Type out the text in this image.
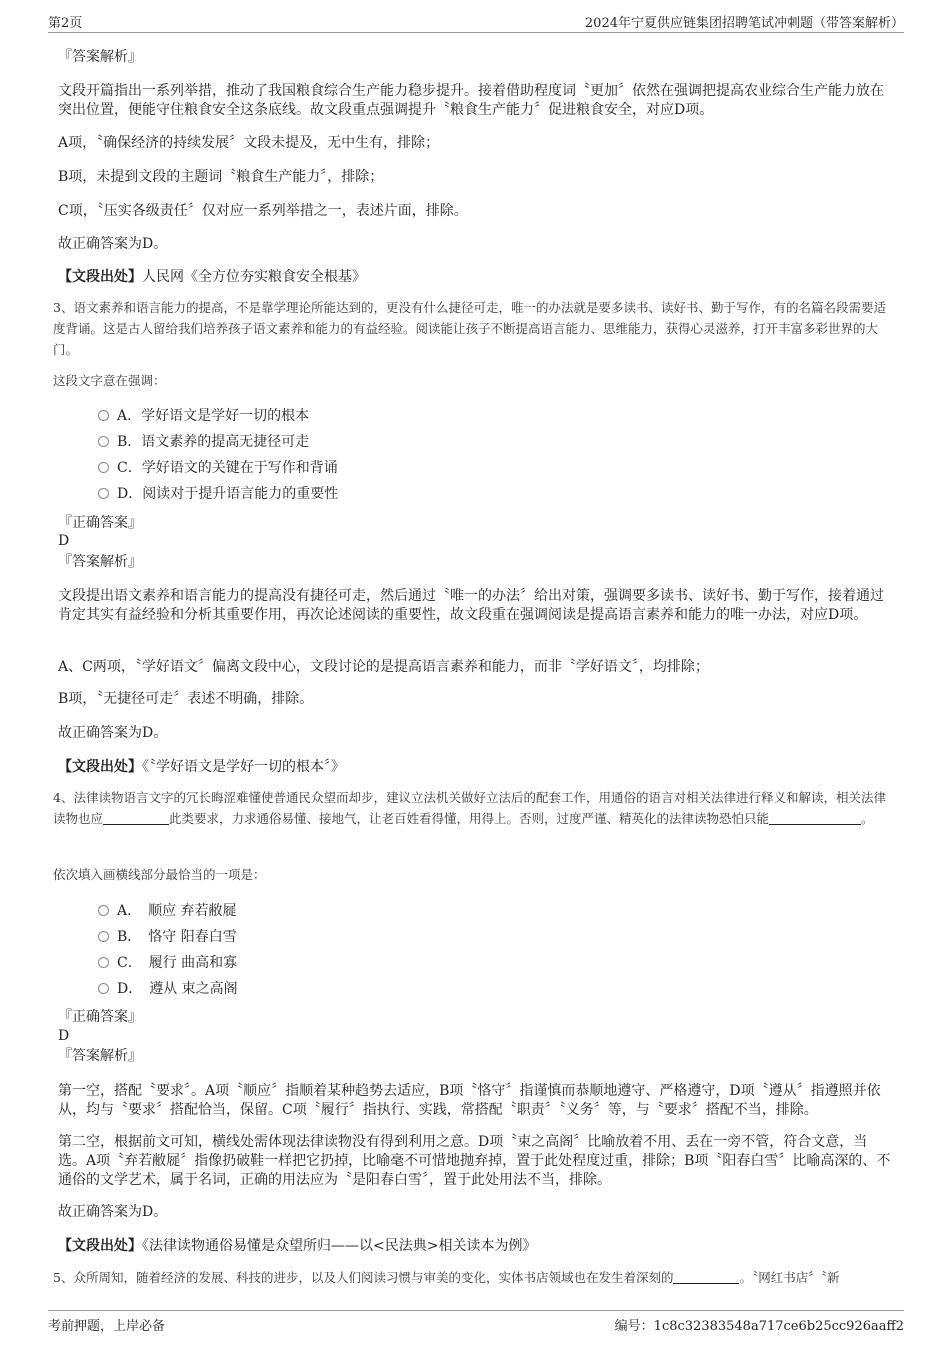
第2页	2024年宁夏供应链集团招聘笔试冲刺题（带答案解析）

『答案解析』

文段开篇指出一系列举措，推动了我国粮食综合生产能力稳步提升。接着借助程度词〝更加〞依然在强调把提高农业综合生产能力放在突出位置，便能守住粮食安全这条底线。故文段重点强调提升〝粮食生产能力〞促进粮食安全，对应D项。

A项，〝确保经济的持续发展〞文段未提及，无中生有，排除；

B项，未提到文段的主题词〝粮食生产能力〞，排除；

C项，〝压实各级责任〞仅对应一系列举措之一，表述片面，排除。

故正确答案为D。

【文段出处】人民网《全方位夯实粮食安全根基》

3、语文素养和语言能力的提高，不是靠学理论所能达到的，更没有什么捷径可走，唯一的办法就是要多读书、读好书、勤于写作，有的名篇名段需要适度背诵。这是古人留给我们培养孩子语文素养和能力的有益经验。阅读能让孩子不断提高语言能力、思维能力，获得心灵滋养，打开丰富多彩世界的大门。

这段文字意在强调：

A．学好语文是学好一切的根本
B．语文素养的提高无捷径可走
C．学好语文的关键在于写作和背诵
D．阅读对于提升语言能力的重要性

『正确答案』

D

『答案解析』

文段提出语文素养和语言能力的提高没有捷径可走，然后通过〝唯一的办法〞给出对策，强调要多读书、读好书、勤于写作，接着通过肯定其实有益经验和分析其重要作用，再次论述阅读的重要性，故文段重在强调阅读是提高语言素养和能力的唯一办法，对应D项。

A、C两项，〝学好语文〞偏离文段中心，文段讨论的是提高语言素养和能力，而非〝学好语文〞，均排除；

B项，〝无捷径可走〞表述不明确，排除。

故正确答案为D。

【文段出处】《〝学好语文是学好一切的根本〞》

4、法律读物语言文字的冗长晦涩难懂使普通民众望而却步，建议立法机关做好立法后的配套工作，用通俗的语言对相关法律进行释义和解读，相关法律读物也应	此类要求，力求通俗易懂、接地气，让老百姓看得懂，用得上。否则，过度严谨、精英化的法律读物恐怕只能	。

依次填入画横线部分最恰当的一项是：

A．　顺应 弃若敝屣
B．　恪守 阳春白雪
C．　履行 曲高和寡
D．　遵从 束之高阁

『正确答案』

D

『答案解析』

第一空，搭配〝要求〞。A项〝顺应〞指顺着某种趋势去适应，B项〝恪守〞指谨慎而恭顺地遵守、严格遵守，D项〝遵从〞指遵照并依从，均与〝要求〞搭配恰当，保留。C项〝履行〞指执行、实践，常搭配〝职责〞〝义务〞等，与〝要求〞搭配不当，排除。

第二空，根据前文可知，横线处需体现法律读物没有得到利用之意。D项〝束之高阁〞比喻放着不用、丢在一旁不管，符合文意，当选。A项〝弃若敝屣〞指像扔破鞋一样把它扔掉，比喻毫不可惜地抛弃掉，置于此处程度过重，排除；B项〝阳春白雪〞比喻高深的、不通俗的文学艺术，属于名词，正确的用法应为〝是阳春白雪〞，置于此处用法不当，排除。

故正确答案为D。

【文段出处】《法律读物通俗易懂是众望所归——以<民法典>相关读本为例》

5、众所周知，随着经济的发展、科技的进步，以及人们阅读习惯与审美的变化，实体书店领域也在发生着深刻的	。〝网红书店〞〝新

考前押题，上岸必备	编号：1c8c32383548a717ce6b25cc926aaff2
